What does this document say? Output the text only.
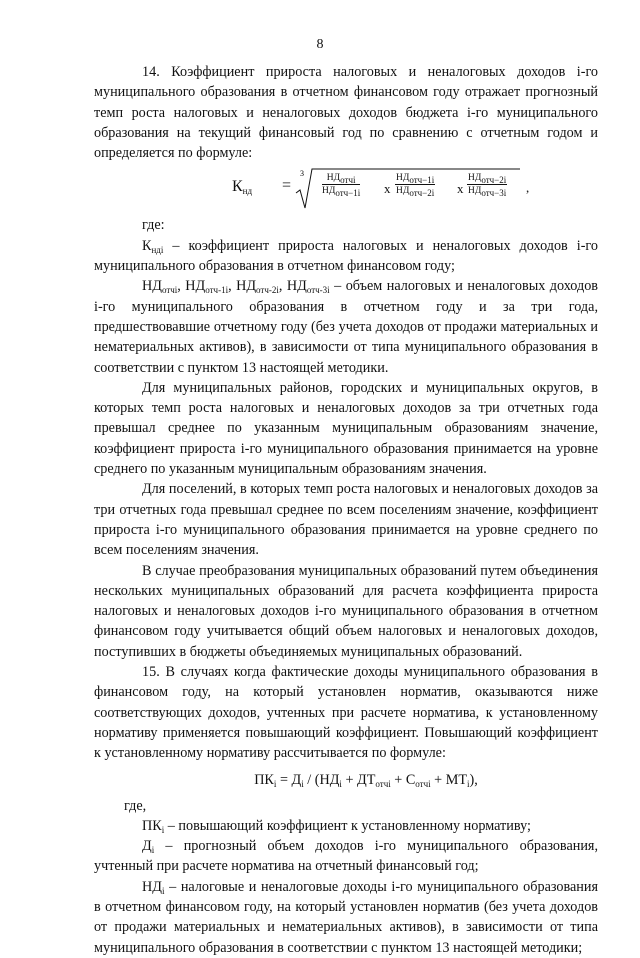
8

14. Коэффициент прироста налоговых и неналоговых доходов i-го муниципального образования в отчетном финансовом году отражает прогнозный темп роста налоговых и неналоговых доходов бюджета i-го муниципального образования на текущий финансовый год по сравнению с отчетным годом и определяется по формуле:

$К_{нд}$ =
3	$НД_{отчi}$
$НД_{отч-1i}$ х
$НД_{отч-1i}$
$НД_{отч-2i}$ х
$НД_{отч-2i}$
$НД_{отч-3i}$ ,

где:

$К_{ндi}$ – коэффициент прироста налоговых и неналоговых доходов i-го муниципального образования в отчетном финансовом году;

$НД_{отчi}$, $НД_{отч-1i}$, $НД_{отч-2i}$, $НД_{отч-3i}$ – объем налоговых и неналоговых доходов i-го муниципального образования в отчетном году и за три года, предшествовавшие отчетному году (без учета доходов от продажи материальных и нематериальных активов), в зависимости от типа муниципального образования в соответствии с пунктом 13 настоящей методики.

Для муниципальных районов, городских и муниципальных округов, в которых темп роста налоговых и неналоговых доходов за три отчетных года превышал среднее по указанным муниципальным образованиям значение, коэффициент прироста i-го муниципального образования принимается на уровне среднего по указанным муниципальным образованиям значения.

Для поселений, в которых темп роста налоговых и неналоговых доходов за три отчетных года превышал среднее по всем поселениям значение, коэффициент прироста i-го муниципального образования принимается на уровне среднего по всем поселениям значения.

В случае преобразования муниципальных образований путем объединения нескольких муниципальных образований для расчета коэффициента прироста налоговых и неналоговых доходов i-го муниципального образования в отчетном финансовом году учитывается общий объем налоговых и неналоговых доходов, поступивших в бюджеты объединяемых муниципальных образований.

15. В случаях когда фактические доходы муниципального образования в финансовом году, на который установлен норматив, оказываются ниже соответствующих доходов, учтенных при расчете норматива, к установленному нормативу применяется повышающий коэффициент. Повышающий коэффициент к установленному нормативу рассчитывается по формуле:

$ПК_i = Д_i / (НД_i + ДТ_{отчi} + С_{отчi} + МТ_i)$,

где,

$ПК_i$ – повышающий коэффициент к установленному нормативу;

$Д_i$ – прогнозный объем доходов i-го муниципального образования, учтенный при расчете норматива на отчетный финансовый год;

$НД_i$ – налоговые и неналоговые доходы i-го муниципального образования в отчетном финансовом году, на который установлен норматив (без учета доходов от продажи материальных и нематериальных активов), в зависимости от типа муниципального образования в соответствии с пунктом 13 настоящей методики;
